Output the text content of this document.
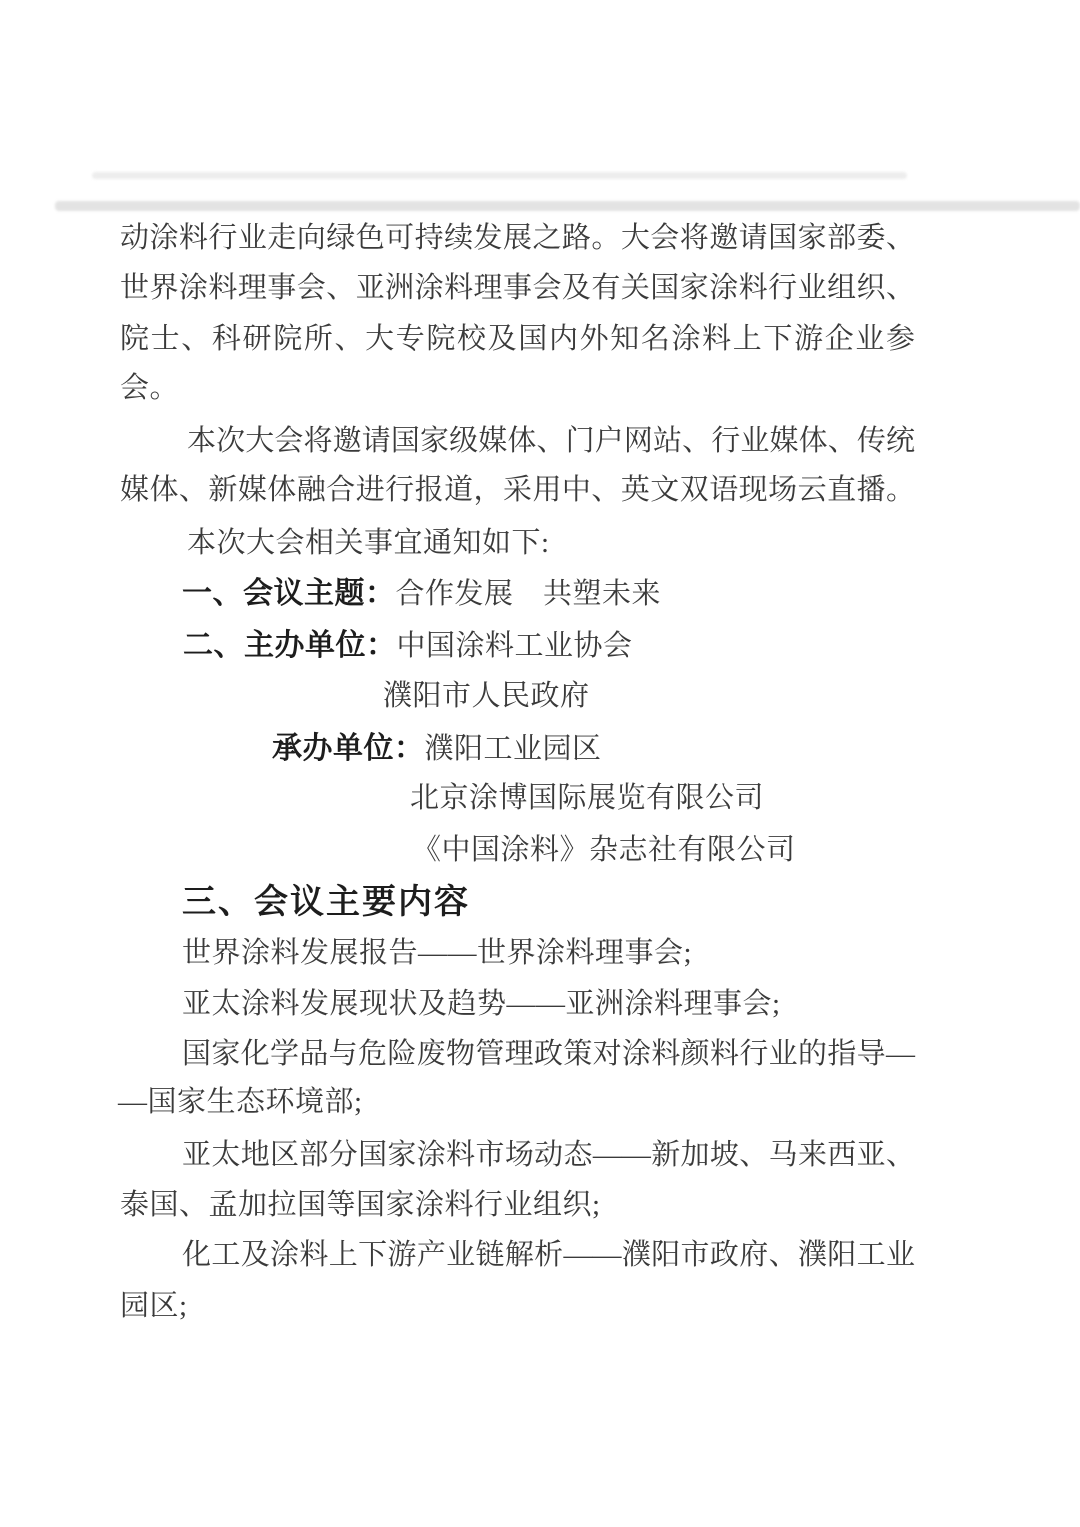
动涂料行业走向绿色可持续发展之路。大会将邀请国家部委、
世界涂料理事会、亚洲涂料理事会及有关国家涂料行业组织、
院士、科研院所、大专院校及国内外知名涂料上下游企业参
会。
本次大会将邀请国家级媒体、门户网站、行业媒体、传统
媒体、新媒体融合进行报道，采用中、英文双语现场云直播。
本次大会相关事宜通知如下:
一、会议主题：合作发展　共塑未来
二、主办单位：中国涂料工业协会
濮阳市人民政府
承办单位：濮阳工业园区
北京涂博国际展览有限公司
《中国涂料》杂志社有限公司
三、会议主要内容
世界涂料发展报告——世界涂料理事会;
亚太涂料发展现状及趋势——亚洲涂料理事会;
国家化学品与危险废物管理政策对涂料颜料行业的指导—
—国家生态环境部;
亚太地区部分国家涂料市场动态——新加坡、马来西亚、
泰国、孟加拉国等国家涂料行业组织;
化工及涂料上下游产业链解析——濮阳市政府、濮阳工业
园区;
